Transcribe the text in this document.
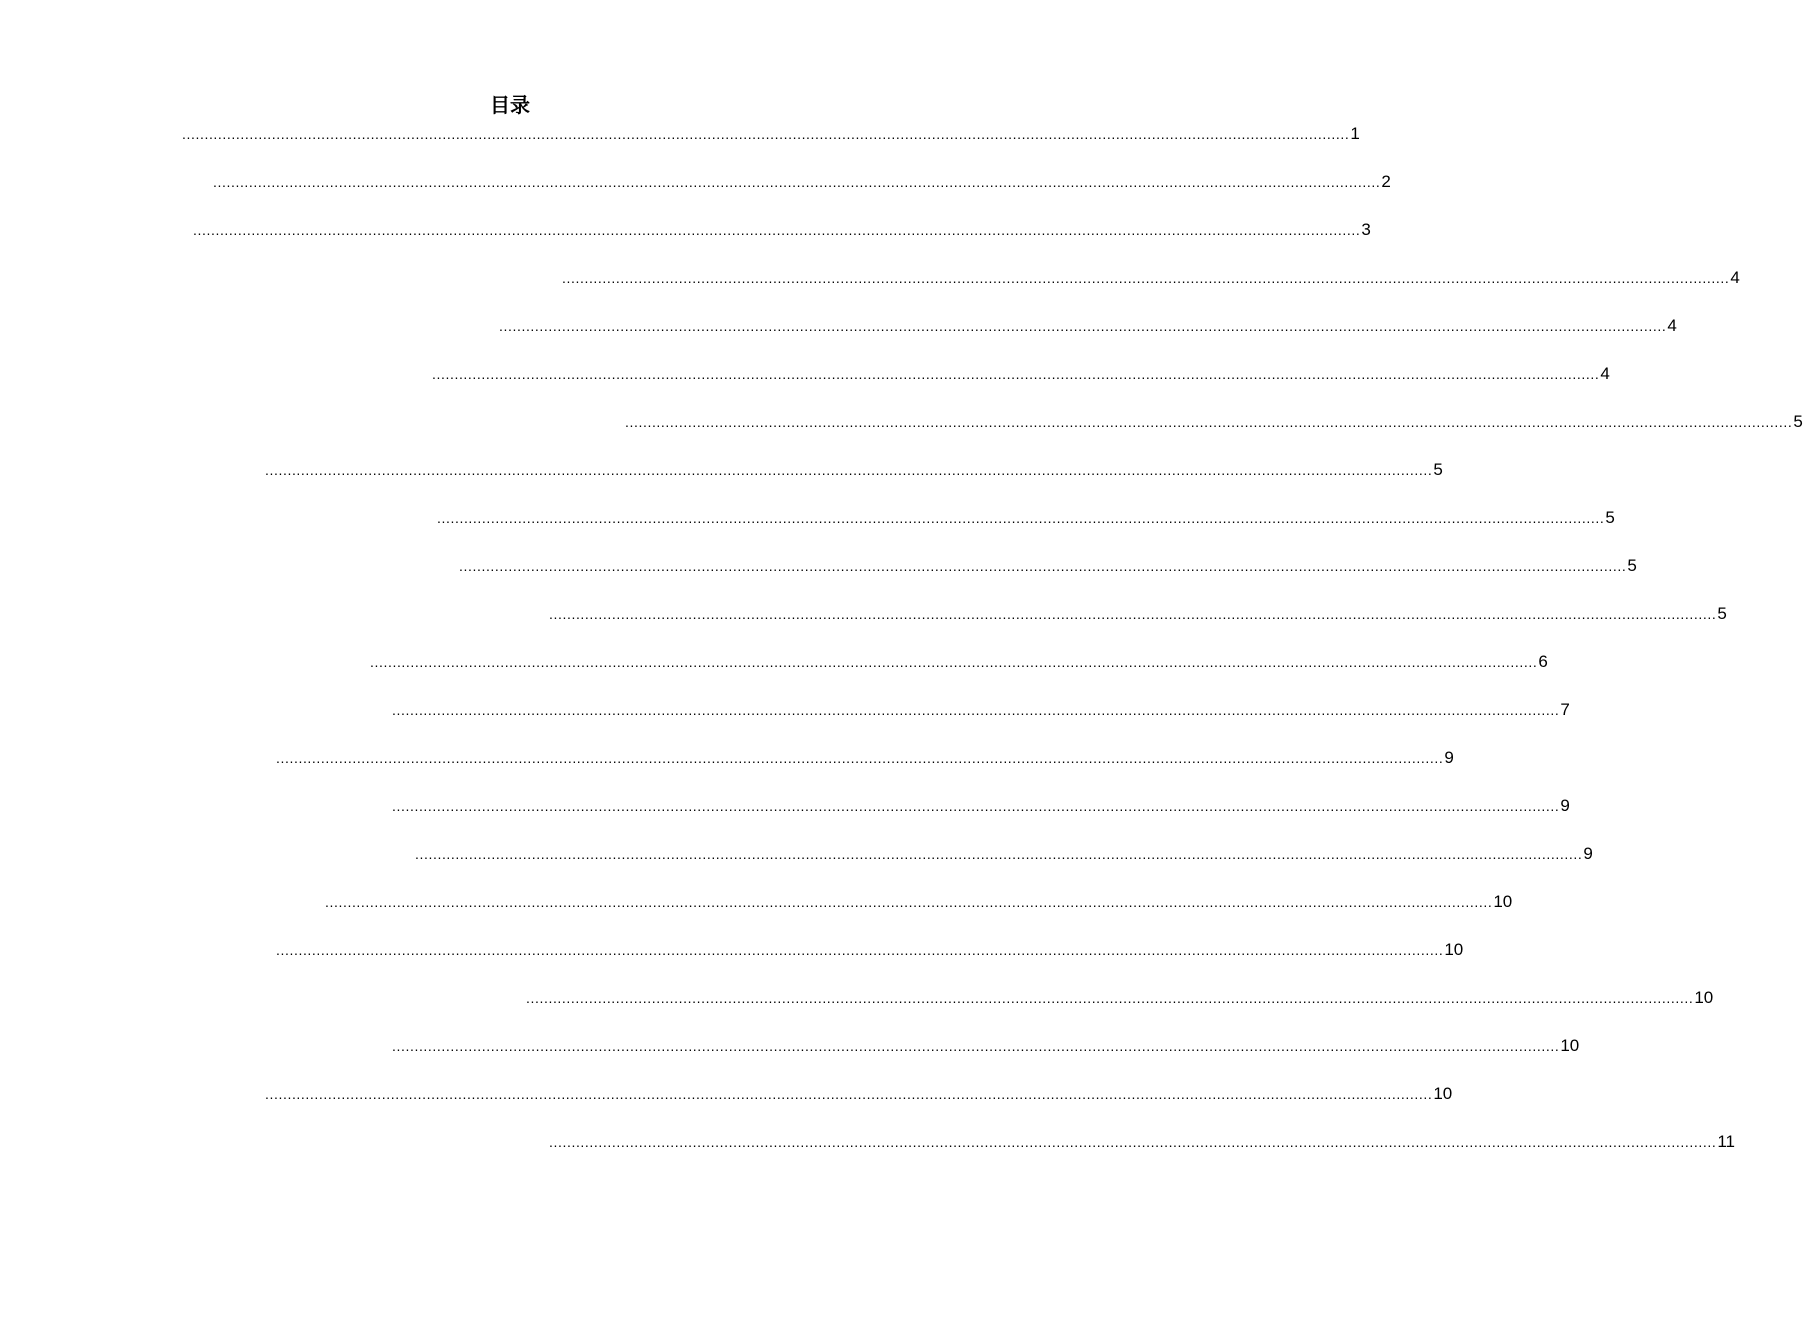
目录
.................................................................................................................................................................................................................................................................... 1
.................................................................................................................................................................................................................................................................... 2
.................................................................................................................................................................................................................................................................... 3
.................................................................................................................................................................................................................................................................... 4
.................................................................................................................................................................................................................................................................... 4
.................................................................................................................................................................................................................................................................... 4
.................................................................................................................................................................................................................................................................... 5
.................................................................................................................................................................................................................................................................... 5
.................................................................................................................................................................................................................................................................... 5
.................................................................................................................................................................................................................................................................... 5
.................................................................................................................................................................................................................................................................... 5
.................................................................................................................................................................................................................................................................... 6
.................................................................................................................................................................................................................................................................... 7
.................................................................................................................................................................................................................................................................... 9
.................................................................................................................................................................................................................................................................... 9
.................................................................................................................................................................................................................................................................... 9
.................................................................................................................................................................................................................................................................... 10
.................................................................................................................................................................................................................................................................... 10
.................................................................................................................................................................................................................................................................... 10
.................................................................................................................................................................................................................................................................... 10
.................................................................................................................................................................................................................................................................... 10
.................................................................................................................................................................................................................................................................... 11
